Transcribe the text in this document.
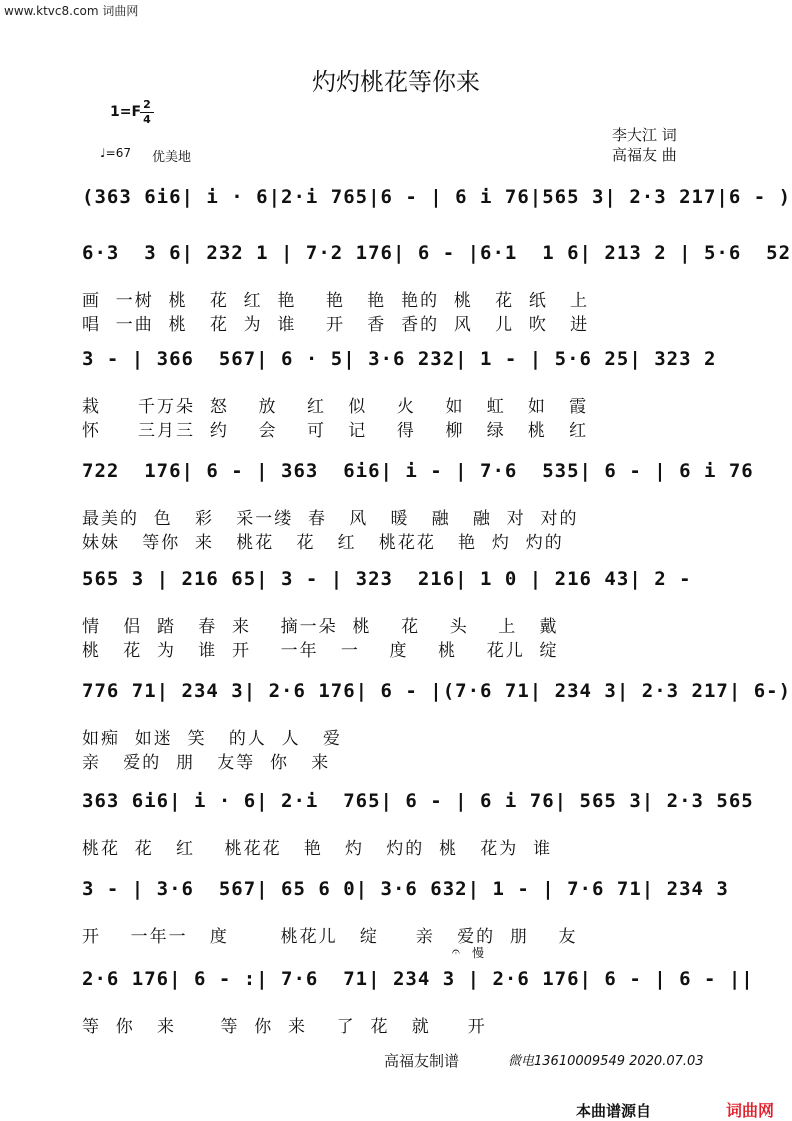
www.ktvc8.com 词曲网
灼灼桃花等你来
1=F 2
4
♩=67 优美地
李大江 词
高福友 曲
(363 6i6| i · 6|2·i 765|6 - | 6 i 76|565 3| 2·3 217|6 - )
6·3  3 6| 232 1 | 7·2 176| 6 - |6·1  1 6| 213 2 | 5·6  52
画  一树  桃   花  红  艳    艳   艳  艳的  桃   花  纸   上
唱  一曲  桃   花  为  谁    开   香  香的  风   儿  吹   进
3 - | 366  567| 6 · 5| 3·6 232| 1 - | 5·6 25| 323 2
栽     千万朵  怒    放    红   似    火    如   虹   如   霞
怀     三月三  约    会    可   记    得    柳   绿   桃   红
722  176| 6 - | 363  6i6| i - | 7·6  535| 6 - | 6 i 76
最美的  色   彩   采一缕  春   风   暖   融   融  对  对的
妹妹   等你  来   桃花   花   红   桃花花   艳  灼  灼的
565 3 | 216 65| 3 - | 323  216| 1 0 | 216 43| 2 -
情   侣  踏   春  来    摘一朵  桃    花    头    上   戴
桃   花  为   谁  开    一年   一    度    桃    花儿  绽
776 71| 234 3| 2·6 176| 6 - |(7·6 71| 234 3| 2·3 217| 6-)
如痴  如迷  笑   的人  人   爱
亲   爱的  朋   友等  你   来
363 6i6| i · 6| 2·i  765| 6 - | 6 i 76| 565 3| 2·3 565
桃花  花   红    桃花花   艳   灼   灼的  桃   花为  谁
3 - | 3·6  567| 65 6 0| 3·6 632| 1 - | 7·6 71| 234 3
开    一年一   度       桃花儿   绽     亲   爱的  朋    友
2·6 176| 6 - :| 7·6  71| 234 3 | 2·6 176| 6 - | 6 - ||
等  你   来      等  你  来    了  花   就     开
𝄐 慢
高福友制谱	微电13610009549 2020.07.03
本曲谱源自	词曲网
